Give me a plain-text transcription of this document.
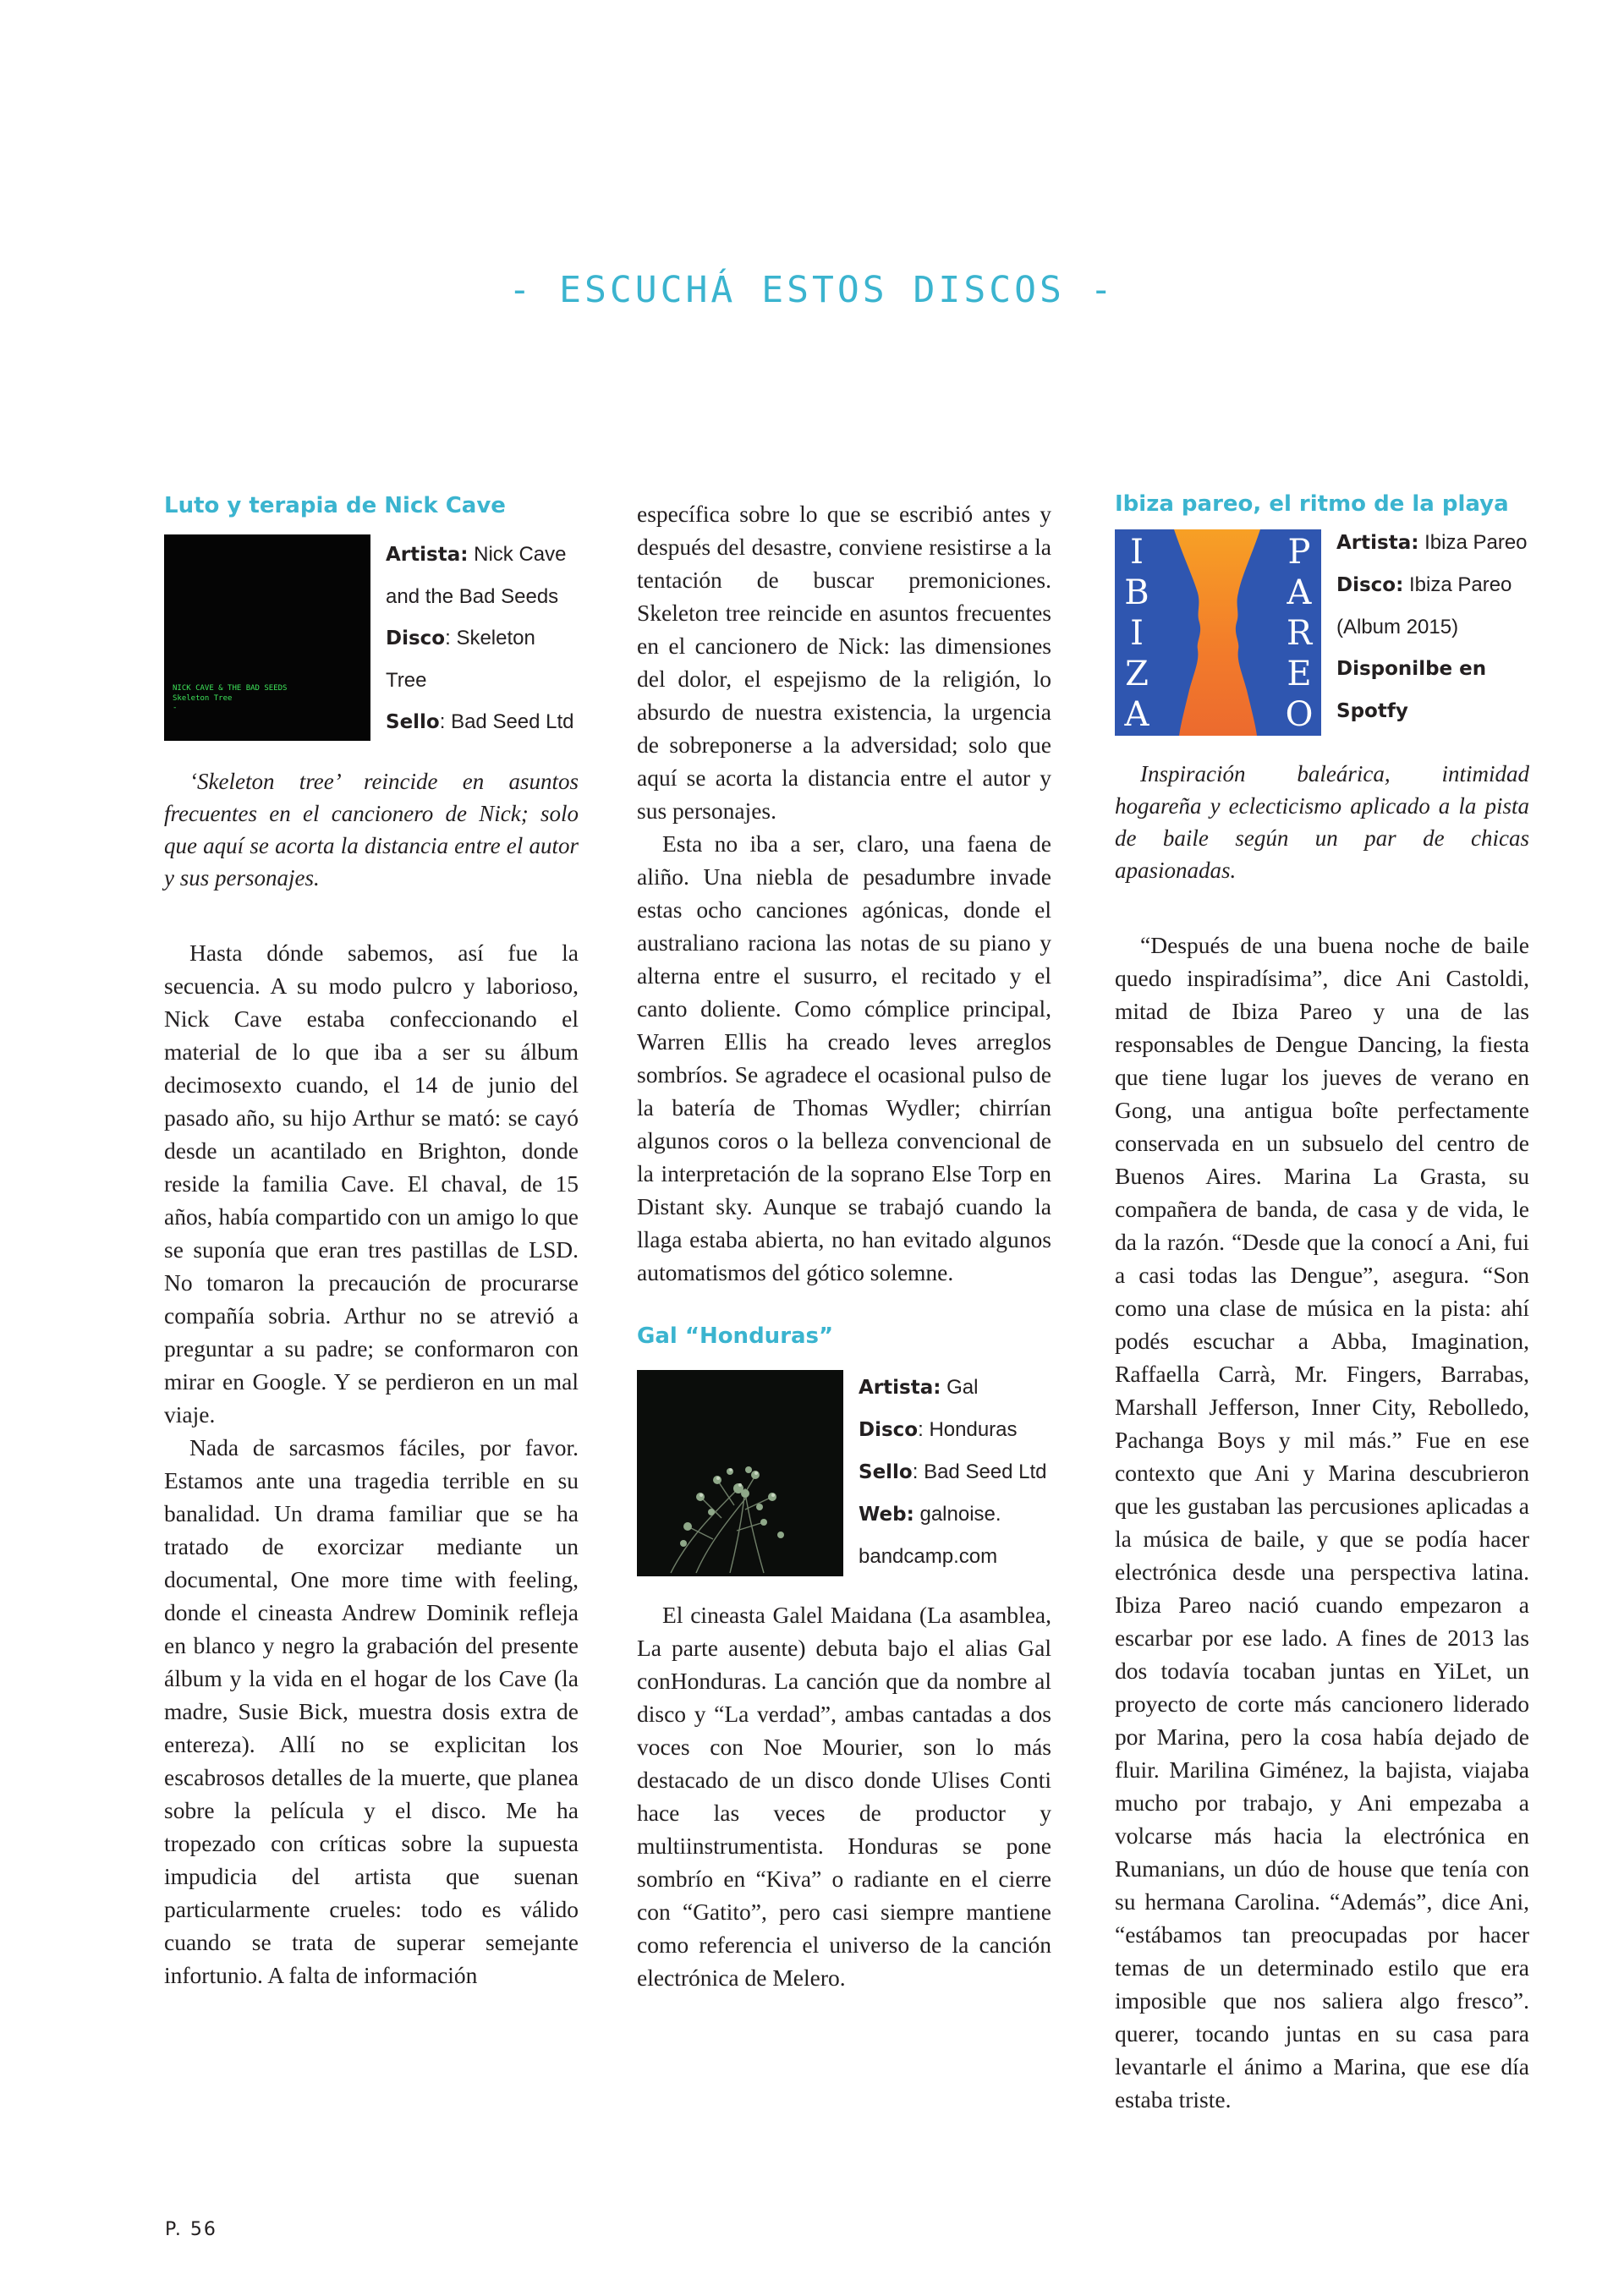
- ESCUCHÁ ESTOS DISCOS -
Luto y terapia de Nick Cave
NICK CAVE & THE BAD SEEDS
Skeleton Tree
-
Artista: Nick Cave
and the Bad Seeds
Disco: Skeleton Tree
Sello: Bad Seed Ltd

‘Skeleton tree’ reincide en asuntos frecuentes en el cancionero de Nick; solo que aquí se acorta la distancia entre el autor y sus personajes.

Hasta dónde sabemos, así fue la secuencia. A su modo pulcro y laborioso, Nick Cave estaba confeccionando el material de lo que iba a ser su álbum decimosexto cuando, el 14 de junio del pasado año, su hijo Arthur se mató: se cayó desde un acantilado en Brighton, donde reside la familia Cave. El chaval, de 15 años, había compartido con un amigo lo que se suponía que eran tres pastillas de LSD. No tomaron la precaución de procurarse compañía sobria. Arthur no se atrevió a preguntar a su padre; se conformaron con mirar en Google. Y se perdieron en un mal viaje.

Nada de sarcasmos fáciles, por favor. Estamos ante una tragedia terrible en su banalidad. Un drama familiar que se ha tratado de exorcizar mediante un documental, One more time with feeling, donde el cineasta Andrew Dominik refleja en blanco y negro la grabación del presente álbum y la vida en el hogar de los Cave (la madre, Susie Bick, muestra dosis extra de entereza). Allí no se explicitan los escabrosos detalles de la muerte, que planea sobre la película y el disco. Me ha tropezado con críticas sobre la supuesta impudicia del artista que suenan particularmente crueles: todo es válido cuando se trata de superar semejante infortunio. A falta de información

específica sobre lo que se escribió antes y después del desastre, conviene resistirse a la tentación de buscar premoniciones. Skeleton tree reincide en asuntos frecuentes en el cancionero de Nick: las dimensiones del dolor, el espejismo de la religión, lo absurdo de nuestra existencia, la urgencia de sobreponerse a la adversidad; solo que aquí se acorta la distancia entre el autor y sus personajes.

Esta no iba a ser, claro, una faena de aliño. Una niebla de pesadumbre invade estas ocho canciones agónicas, donde el australiano raciona las notas de su piano y alterna entre el susurro, el recitado y el canto doliente. Como cómplice principal, Warren Ellis ha creado leves arreglos sombríos. Se agradece el ocasional pulso de la batería de Thomas Wydler; chirrían algunos coros o la belleza convencional de la interpretación de la soprano Else Torp en Distant sky. Aunque se trabajó cuando la llaga estaba abierta, no han evitado algunos automatismos del gótico solemne.

Gal “Honduras”
Artista: Gal
Disco: Honduras
Sello: Bad Seed Ltd
Web: galnoise.
bandcamp.com

El cineasta Galel Maidana (La asamblea, La parte ausente) debuta bajo el alias Gal conHonduras. La canción que da nombre al disco y “La verdad”, ambas cantadas a dos voces con Noe Mourier, son lo más destacado de un disco donde Ulises Conti hace las veces de productor y multiinstrumentista. Honduras se pone sombrío en “Kiva” o radiante en el cierre con “Gatito”, pero casi siempre mantiene como referencia el universo de la canción electrónica de Melero.

Ibiza pareo, el ritmo de la playa
I
B
I
Z
A
P
A
R
E
O
Artista: Ibiza Pareo
Disco: Ibiza Pareo
(Album 2015)
Disponilbe en
Spotfy

Inspiración baleárica, intimidad hogareña y eclecticismo aplicado a la pista de baile según un par de chicas apasionadas.

“Después de una buena noche de baile quedo inspiradísima”, dice Ani Castoldi, mitad de Ibiza Pareo y una de las responsables de Dengue Dancing, la fiesta que tiene lugar los jueves de verano en Gong, una antigua boîte perfectamente conservada en un subsuelo del centro de Buenos Aires. Marina La Grasta, su compañera de banda, de casa y de vida, le da la razón. “Desde que la conocí a Ani, fui a casi todas las Dengue”, asegura. “Son como una clase de música en la pista: ahí podés escuchar a Abba, Imagination, Raffaella Carrà, Mr. Fingers, Barrabas, Marshall Jefferson, Inner City, Rebolledo, Pachanga Boys y mil más.” Fue en ese contexto que Ani y Marina descubrieron que les gustaban las percusiones aplicadas a la música de baile, y que se podía hacer electrónica desde una perspectiva latina. Ibiza Pareo nació cuando empezaron a escarbar por ese lado. A fines de 2013 las dos todavía tocaban juntas en YiLet, un proyecto de corte más cancionero liderado por Marina, pero la cosa había dejado de fluir. Marilina Giménez, la bajista, viajaba mucho por trabajo, y Ani empezaba a volcarse más hacia la electrónica en Rumanians, un dúo de house que tenía con su hermana Carolina. “Además”, dice Ani, “estábamos tan preocupadas por hacer temas de un determinado estilo que era imposible que nos saliera algo fresco”. querer, tocando juntas en su casa para levantarle el ánimo a Marina, que ese día estaba triste.

P. 56
